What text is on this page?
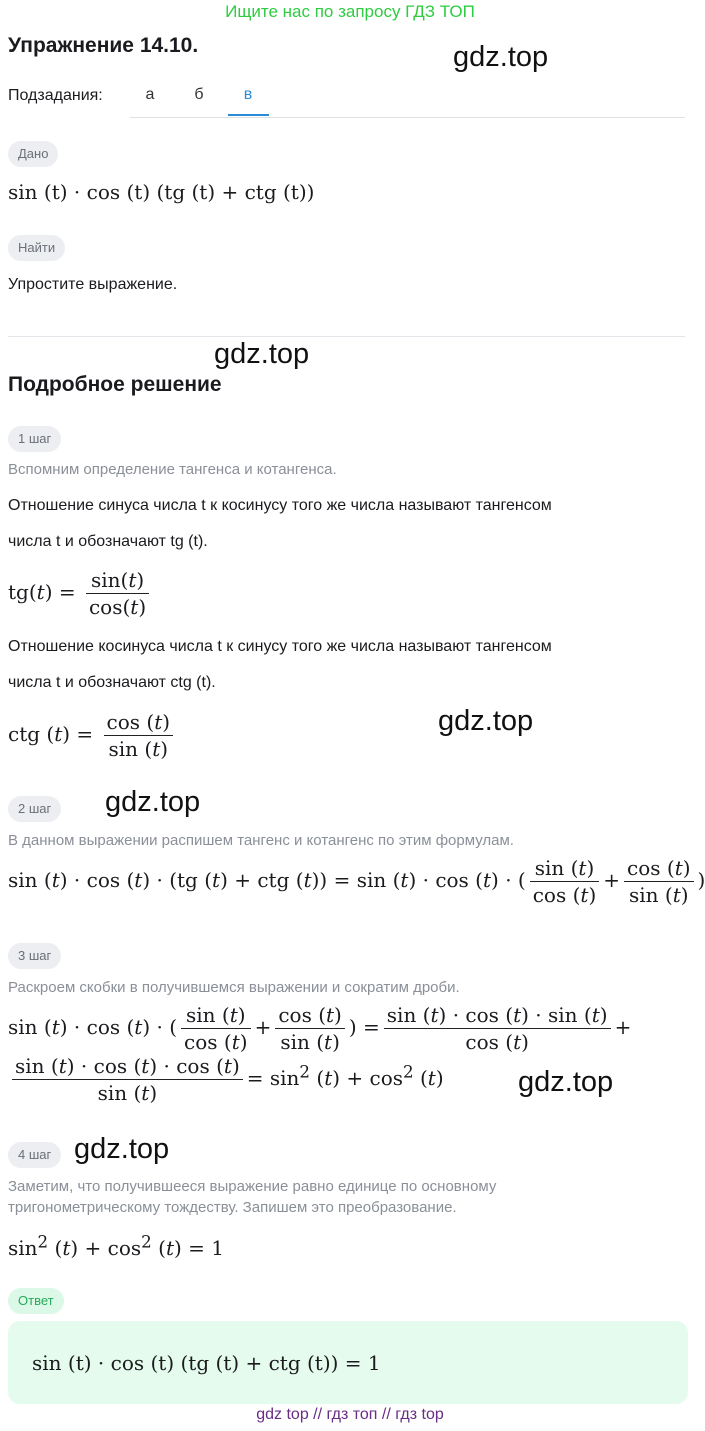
Ищите нас по запросу ГДЗ ТОП
Упражнение 14.10.	gdz.top
Подзадания:	а	б	в
Дано
sin (t) · cos (t) (tg (t) + ctg (t))
Найти
Упростите выражение.
gdz.top
Подробное решение
1 шаг
Вспомним определение тангенса и котангенса.
Отношение синуса числа t к косинусу того же числа называют тангенсом
числа t и обозначают tg (t).
$tg(t) = \frac{\sin(t)}{\cos(t)}$
Отношение косинуса числа t к синусу того же числа называют тангенсом
числа t и обозначают ctg (t).
ctg $(t) = \frac{\cos (t)}{\sin (t)}$	gdz.top
2 шаг	gdz.top
В данном выражении распишем тангенс и котангенс по этим формулам.
sin (t) · cos (t) · (tg (t) + ctg (t)) = sin (t) · cos (t) · ( $\frac{\sin (t)}{\cos (t)} + \frac{\cos (t)}{\sin (t)}$ )
3 шаг
Раскроем скобки в получившемся выражении и сократим дроби.
sin (t) · cos (t) · ( $\frac{\sin (t)}{\cos (t)} + \frac{\cos (t)}{\sin (t)}$ ) = $\frac{\sin (t) \cdot \cos (t) \cdot \sin (t)}{\cos (t)}$ +
$\frac{\sin (t) \cdot \cos (t) \cdot \cos (t)}{\sin (t)} = \sin^2 (t) + \cos^2 (t)$	gdz.top
4 шаг gdz.top
Заметим, что получившееся выражение равно единице по основному
тригонометрическому тождеству. Запишем это преобразование.
$\sin^2 (t) + \cos^2 (t) = 1$
Ответ
sin (t) · cos (t) (tg (t) + ctg (t)) = 1
gdz top // гдз топ // гдз top
